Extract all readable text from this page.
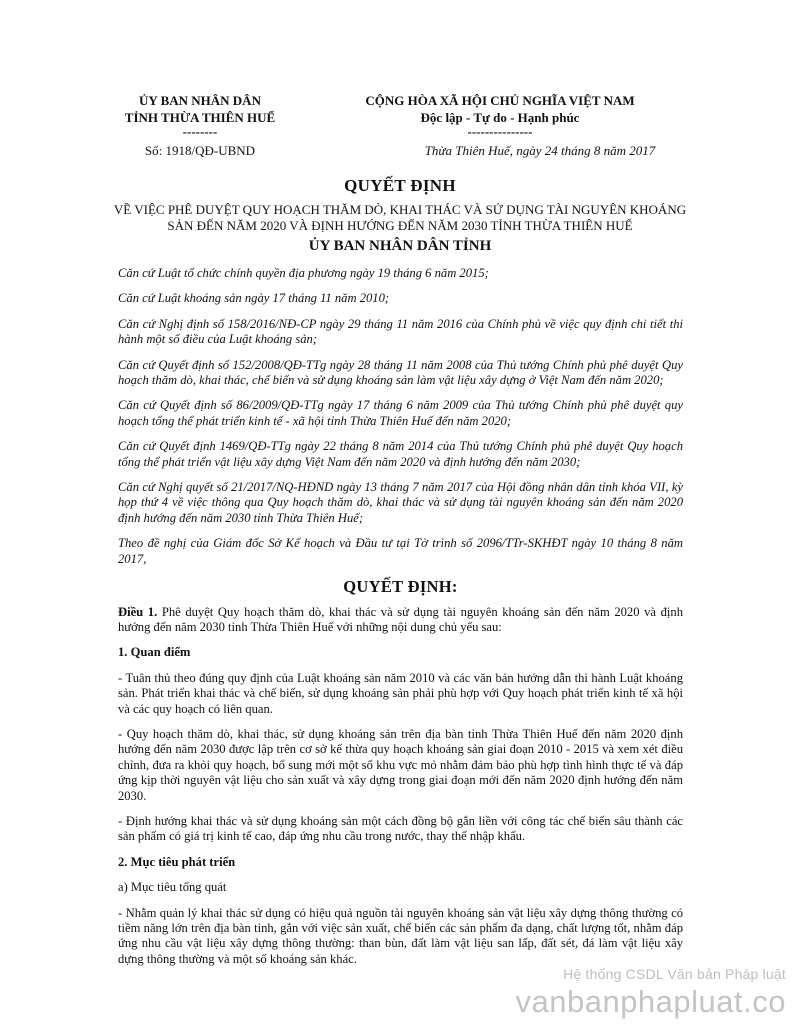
ỦY BAN NHÂN DÂN
TỈNH THỪA THIÊN HUẾ
--------
Số: 1918/QĐ-UBND
CỘNG HÒA XÃ HỘI CHỦ NGHĨA VIỆT NAM
Độc lập - Tự do - Hạnh phúc
---------------
Thừa Thiên Huế, ngày 24 tháng 8 năm 2017
QUYẾT ĐỊNH
VỀ VIỆC PHÊ DUYỆT QUY HOẠCH THĂM DÒ, KHAI THÁC VÀ SỬ DỤNG TÀI NGUYÊN KHOÁNG SẢN ĐẾN NĂM 2020 VÀ ĐỊNH HƯỚNG ĐẾN NĂM 2030 TỈNH THỪA THIÊN HUẾ
ỦY BAN NHÂN DÂN TỈNH

Căn cứ Luật tổ chức chính quyền địa phương ngày 19 tháng 6 năm 2015;

Căn cứ Luật khoáng sản ngày 17 tháng 11 năm 2010;

Căn cứ Nghị định số 158/2016/NĐ-CP ngày 29 tháng 11 năm 2016 của Chính phủ về việc quy định chi tiết thi hành một số điều của Luật khoáng sản;

Căn cứ Quyết định số 152/2008/QĐ-TTg ngày 28 tháng 11 năm 2008 của Thủ tướng Chính phủ phê duyệt Quy hoạch thăm dò, khai thác, chế biến và sử dụng khoáng sản làm vật liệu xây dựng ở Việt Nam đến năm 2020;

Căn cứ Quyết định số 86/2009/QĐ-TTg ngày 17 tháng 6 năm 2009 của Thủ tướng Chính phủ phê duyệt quy hoạch tổng thể phát triển kinh tế - xã hội tỉnh Thừa Thiên Huế đến năm 2020;

Căn cứ Quyết định 1469/QĐ-TTg ngày 22 tháng 8 năm 2014 của Thủ tướng Chính phủ phê duyệt Quy hoạch tổng thể phát triển vật liệu xây dựng Việt Nam đến năm 2020 và định hướng đến năm 2030;

Căn cứ Nghị quyết số 21/2017/NQ-HĐND ngày 13 tháng 7 năm 2017 của Hội đồng nhân dân tỉnh khóa VII, kỳ họp thứ 4 về việc thông qua Quy hoạch thăm dò, khai thác và sử dụng tài nguyên khoáng sản đến năm 2020 định hướng đến năm 2030 tỉnh Thừa Thiên Huế;

Theo đề nghị của Giám đốc Sở Kế hoạch và Đầu tư tại Tờ trình số 2096/TTr-SKHĐT ngày 10 tháng 8 năm 2017,

QUYẾT ĐỊNH:

Điều 1. Phê duyệt Quy hoạch thăm dò, khai thác và sử dụng tài nguyên khoáng sản đến năm 2020 và định hướng đến năm 2030 tỉnh Thừa Thiên Huế với những nội dung chủ yếu sau:

1. Quan điểm

- Tuân thủ theo đúng quy định của Luật khoáng sản năm 2010 và các văn bản hướng dẫn thi hành Luật khoáng sản. Phát triển khai thác và chế biến, sử dụng khoáng sản phải phù hợp với Quy hoạch phát triển kinh tế xã hội và các quy hoạch có liên quan.

- Quy hoạch thăm dò, khai thác, sử dụng khoáng sản trên địa bàn tỉnh Thừa Thiên Huế đến năm 2020 định hướng đến năm 2030 được lập trên cơ sở kế thừa quy hoạch khoáng sản giai đoạn 2010 - 2015 và xem xét điều chỉnh, đưa ra khỏi quy hoạch, bổ sung mới một số khu vực mỏ nhằm đảm bảo phù hợp tình hình thực tế và đáp ứng kịp thời nguyên vật liệu cho sản xuất và xây dựng trong giai đoạn mới đến năm 2020 định hướng đến năm 2030.

- Định hướng khai thác và sử dụng khoáng sản một cách đồng bộ gắn liền với công tác chế biến sâu thành các sản phẩm có giá trị kinh tế cao, đáp ứng nhu cầu trong nước, thay thế nhập khẩu.

2. Mục tiêu phát triển

a) Mục tiêu tổng quát

- Nhằm quản lý khai thác sử dụng có hiệu quả nguồn tài nguyên khoáng sản vật liệu xây dựng thông thường có tiềm năng lớn trên địa bàn tỉnh, gắn với việc sản xuất, chế biến các sản phẩm đa dạng, chất lượng tốt, nhằm đáp ứng nhu cầu vật liệu xây dựng thông thường: than bùn, đất làm vật liệu san lấp, đất sét, đá làm vật liệu xây dựng thông thường và một số khoáng sản khác.

Hệ thống CSDL Văn bản Pháp luật
vanbanphapluat.co
